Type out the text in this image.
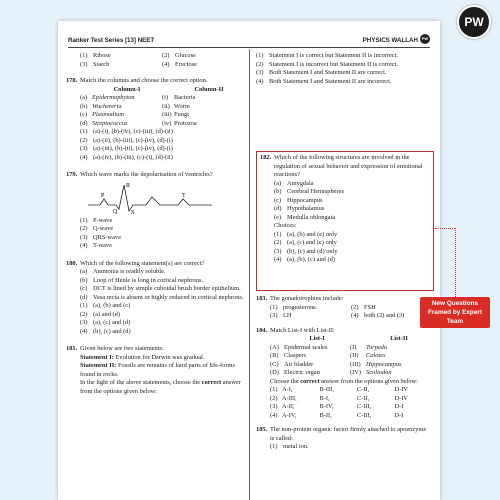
PW
Ranker Test Series [13] NEET	PHYSICS WALLAH PW
(1) Ribose	(2) Glucose
(3) Starch	(4) Fructose
178. Match the columns and choose the correct option.
Column-I	Column-II
(a) Epidermophyton	(i) Bacteria
(b) Wuchereria	(ii) Worm
(c) Plasmodium	(iii) Fungi
(d) Streptococcus	(iv) Protozoa
(1) (a)-(i), (b)-(iv), (c)-(iii), (d)-(ii)
(2) (a)-(ii), (b)-(iii), (c)-(iv), (d)-(i)
(3) (a)-(iii), (b)-(ii), (c)-(iv), (d)-(i)
(4) (a)-(iv), (b)-(iii), (c)-(i), (d)-(ii)
179. Which wave marks the depolarisation of ventricles?
P
Q
R
S
T
(1) P-wave
(2) Q-wave
(3) QRS-wave
(4) T-wave
180. Which of the following statement(s) are correct?
(a) Ammonia is readily soluble.
(b) Loop of Henle is long in cortical nephrons.
(c) DCT is lined by simple cuboidal brush border epithelium.
(d) Vasa recta is absent or highly reduced in cortical nephrons.
(1) (a), (b) and (c)
(2) (a) and (d)
(3) (a), (c) and (d)
(4) (b), (c) and (d)
181. Given below are two statements:
Statement I: Evolution for Darwin was gradual.
Statement II: Fossils are remains of hard parts of life-forms found in rocks.
In the light of the above statements, choose the correct answer from the options given below:
(1) Statement I is correct but Statement II is incorrect.
(2) Statement I is incorrect but Statement II is correct.
(3) Both Statement I and Statement II are correct.
(4) Both Statement I and Statement II are incorrect.
182. Which of the following structures are involved in the regulation of sexual behavior and expression of emotional reactions?
(a) Amygdala
(b) Cerebral Hemispheres
(c) Hippocampus
(d) Hypothalamus
(e) Medulla oblongata
Choices:
(1) (a), (b) and (e) only
(2) (a), (c) and (e) only
(3) (b), (c) and (d) only
(4) (a), (b), (c) and (d)
183. The gonadotrophins include:
(1) progesterone.	(2) FSH
(3) LH	(4) both (2) and (3)
184. Match List-I with List-II:
List-I	List-II
(A) Epidermal scales	(I)	Torpedo
(B) Claspers	(II)	Calotes
(C) Air bladder	(III) Hippocampus
(D) Electric organ	(IV) Scoliodon
Choose the correct answer from the options given below:
(1) A-I,	B-III,	C-II,	D-IV
(2) A-III,	B-I,	C-II,	D-IV
(3) A-II,	B-IV,	C-III,	D-I
(4) A-IV,	B-II,	C-III,	D-I
185. The non-protein organic factor firmly attached to apoenzyme is called:
(1) metal ion.
New Questions Framed by Expert Team
